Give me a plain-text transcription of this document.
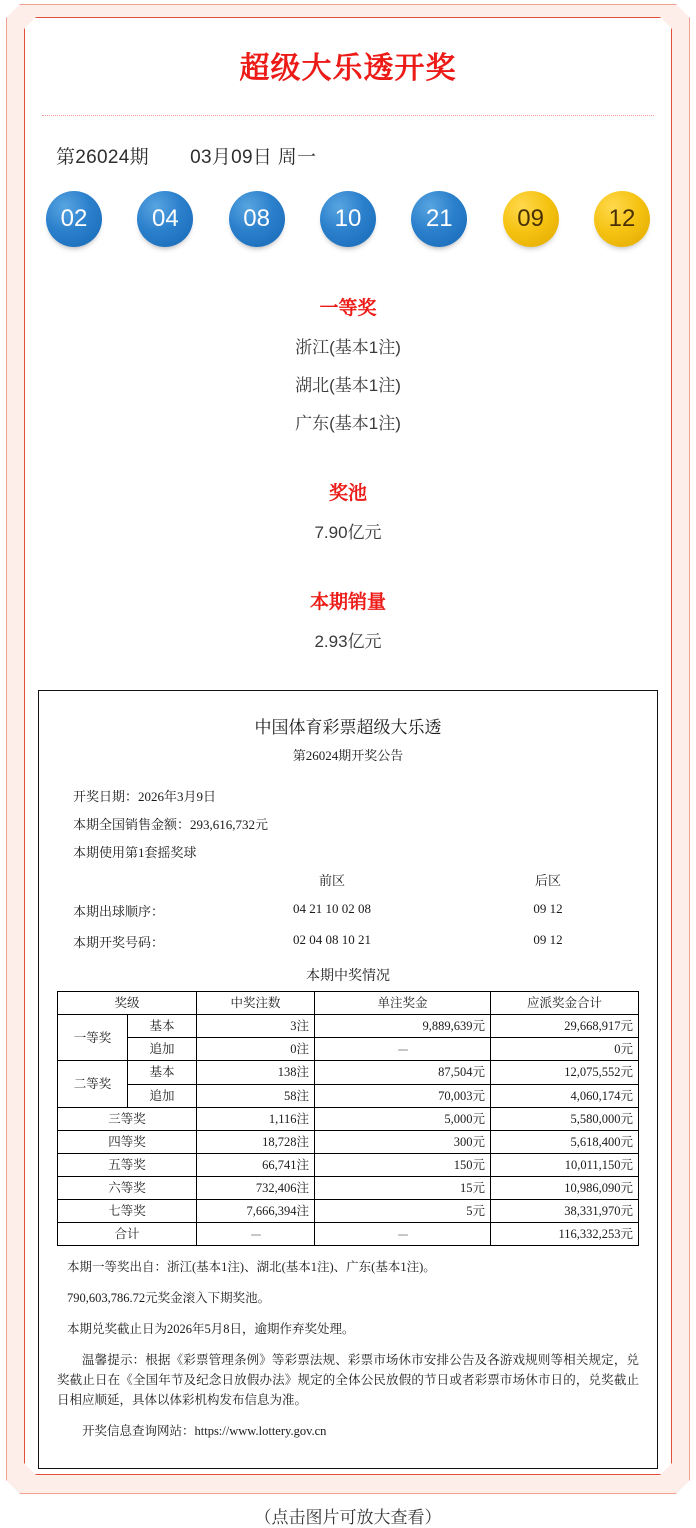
超级大乐透开奖
第26024期 03月09日 周一
02	04	08	10	21	09	12
一等奖
浙江(基本1注)
湖北(基本1注)
广东(基本1注)
奖池
7.90亿元
本期销量
2.93亿元
中国体育彩票超级大乐透
第26024期开奖公告
开奖日期：2026年3月9日
本期全国销售金额：293,616,732元
本期使用第1套摇奖球
前区	后区
本期出球顺序：	04 21 10 02 08	09 12
本期开奖号码：	02 04 08 10 21	09 12
本期中奖情况
奖级		中奖注数	单注奖金	应派奖金合计
一等奖	基本	3注	9,889,639元	29,668,917元
	追加	0注	---	0元
二等奖	基本	138注	87,504元	12,075,552元
	追加	58注	70,003元	4,060,174元
三等奖		1,116注	5,000元	5,580,000元
四等奖		18,728注	300元	5,618,400元
五等奖		66,741注	150元	10,011,150元
六等奖		732,406注	15元	10,986,090元
七等奖		7,666,394注	5元	38,331,970元
合计		---	---	116,332,253元

本期一等奖出自：浙江(基本1注)、湖北(基本1注)、广东(基本1注)。

790,603,786.72元奖金滚入下期奖池。

本期兑奖截止日为2026年5月8日，逾期作弃奖处理。

温馨提示：根据《彩票管理条例》等彩票法规、彩票市场休市安排公告及各游戏规则等相关规定，兑奖截止日在《全国年节及纪念日放假办法》规定的全体公民放假的节日或者彩票市场休市日的，兑奖截止日相应顺延，具体以体彩机构发布信息为准。

开奖信息查询网站：https://www.lottery.gov.cn

（点击图片可放大查看）
